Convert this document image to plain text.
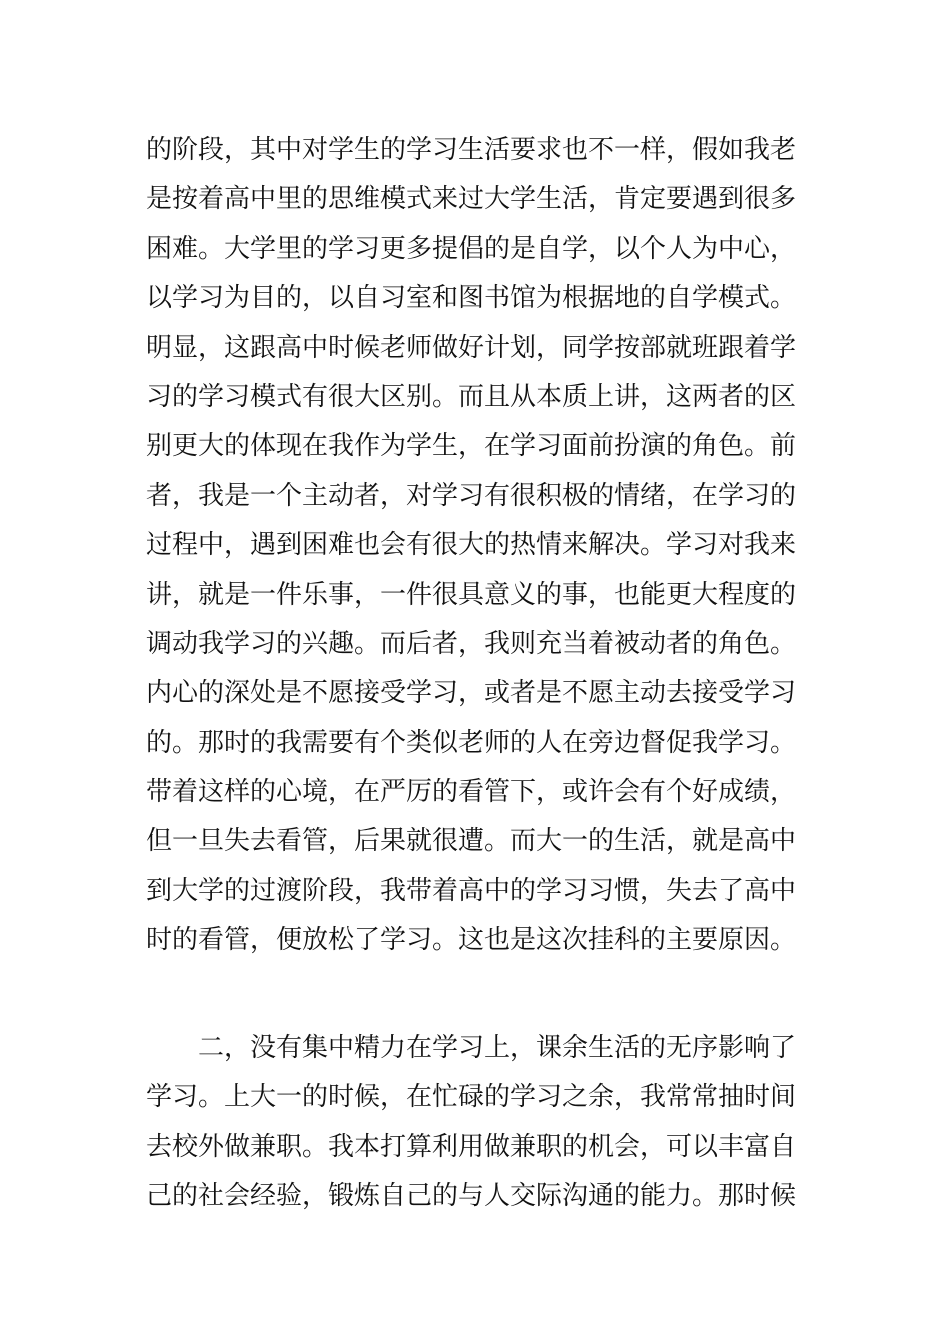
的阶段，其中对学生的学习生活要求也不一样，假如我老
是按着高中里的思维模式来过大学生活，肯定要遇到很多
困难。大学里的学习更多提倡的是自学，以个人为中心，
以学习为目的，以自习室和图书馆为根据地的自学模式。
明显，这跟高中时候老师做好计划，同学按部就班跟着学
习的学习模式有很大区别。而且从本质上讲，这两者的区
别更大的体现在我作为学生，在学习面前扮演的角色。前
者，我是一个主动者，对学习有很积极的情绪，在学习的
过程中，遇到困难也会有很大的热情来解决。学习对我来
讲，就是一件乐事，一件很具意义的事，也能更大程度的
调动我学习的兴趣。而后者，我则充当着被动者的角色。
内心的深处是不愿接受学习，或者是不愿主动去接受学习
的。那时的我需要有个类似老师的人在旁边督促我学习。
带着这样的心境，在严厉的看管下，或许会有个好成绩，
但一旦失去看管，后果就很遭。而大一的生活，就是高中
到大学的过渡阶段，我带着高中的学习习惯，失去了高中
时的看管，便放松了学习。这也是这次挂科的主要原因。

二，没有集中精力在学习上，课余生活的无序影响了
学习。上大一的时候，在忙碌的学习之余，我常常抽时间
去校外做兼职。我本打算利用做兼职的机会，可以丰富自
己的社会经验，锻炼自己的与人交际沟通的能力。那时候
